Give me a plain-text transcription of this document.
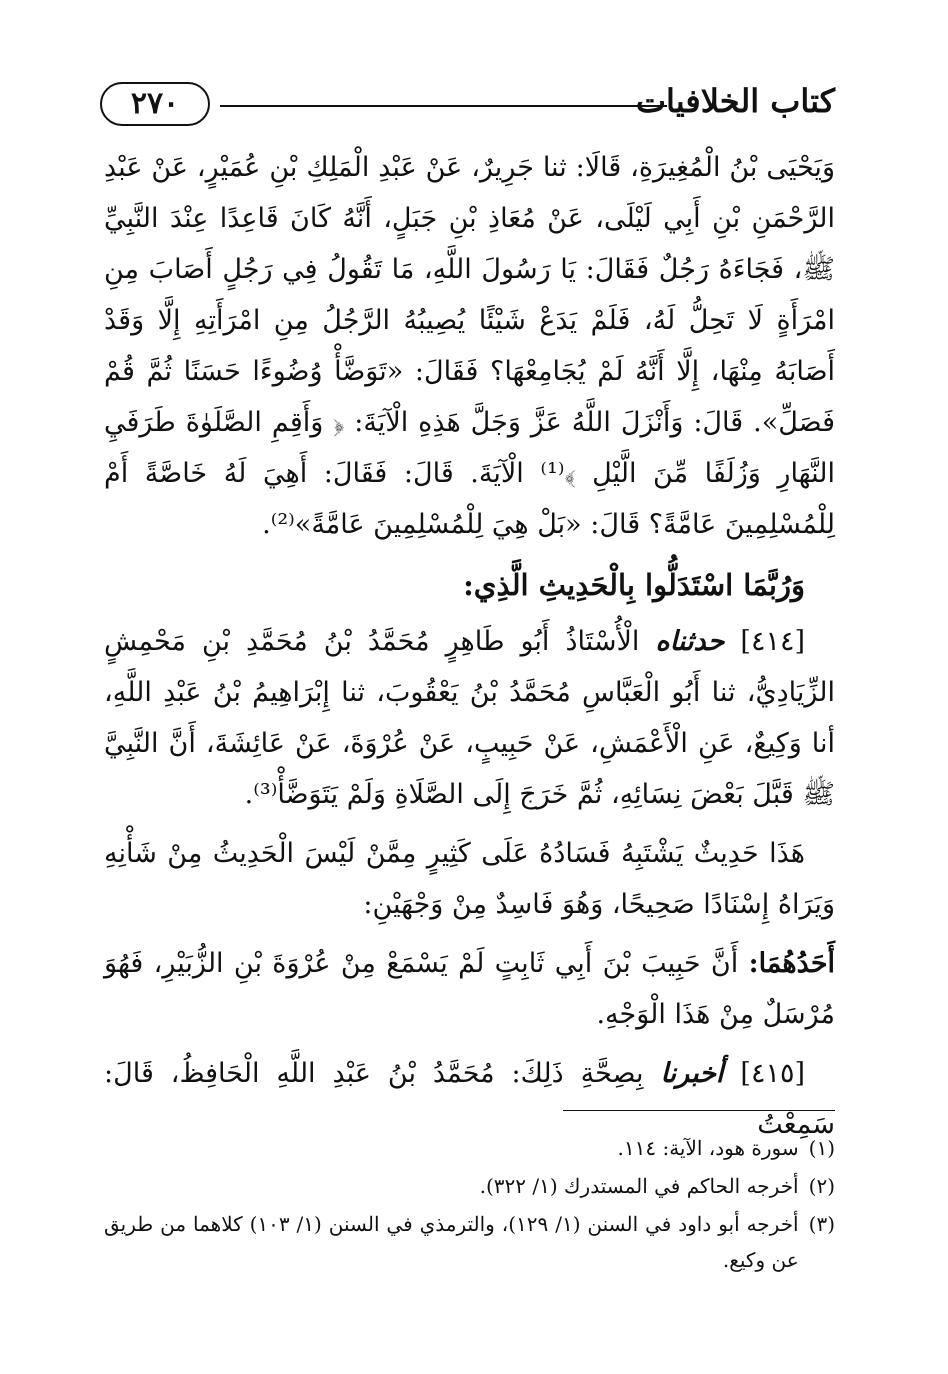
كتاب الخلافيات
٢٧٠

وَيَحْيَى بْنُ الْمُغِيرَةِ، قَالَا: ثنا جَرِيرٌ، عَنْ عَبْدِ الْمَلِكِ بْنِ عُمَيْرٍ، عَنْ عَبْدِ الرَّحْمَنِ بْنِ أَبِي لَيْلَى، عَنْ مُعَاذِ بْنِ جَبَلٍ، أَنَّهُ كَانَ قَاعِدًا عِنْدَ النَّبِيِّ ﷺ، فَجَاءَهُ رَجُلٌ فَقَالَ: يَا رَسُولَ اللَّهِ، مَا تَقُولُ فِي رَجُلٍ أَصَابَ مِنِ امْرَأَةٍ لَا تَحِلُّ لَهُ، فَلَمْ يَدَعْ شَيْئًا يُصِيبُهُ الرَّجُلُ مِنِ امْرَأَتِهِ إِلَّا وَقَدْ أَصَابَهُ مِنْهَا، إِلَّا أَنَّهُ لَمْ يُجَامِعْهَا؟ فَقَالَ: «تَوَضَّأْ وُضُوءًا حَسَنًا ثُمَّ قُمْ فَصَلِّ». قَالَ: وَأَنْزَلَ اللَّهُ عَزَّ وَجَلَّ هَذِهِ الْآيَةَ: ﴿ وَأَقِمِ الصَّلَوٰةَ طَرَفَيِ النَّهَارِ وَزُلَفًا مِّنَ الَّيْلِ ﴾⁽¹⁾ الْآيَةَ. قَالَ: فَقَالَ: أَهِيَ لَهُ خَاصَّةً أَمْ لِلْمُسْلِمِينَ عَامَّةً؟ قَالَ: «بَلْ هِيَ لِلْمُسْلِمِينَ عَامَّةً»⁽²⁾.

وَرُبَّمَا اسْتَدَلُّوا بِالْحَدِيثِ الَّذِي:

[٤١٤] حدثناه الْأُسْتَاذُ أَبُو طَاهِرٍ مُحَمَّدُ بْنُ مُحَمَّدِ بْنِ مَحْمِشٍ الزِّيَادِيُّ، ثنا أَبُو الْعَبَّاسِ مُحَمَّدُ بْنُ يَعْقُوبَ، ثنا إِبْرَاهِيمُ بْنُ عَبْدِ اللَّهِ، أنا وَكِيعٌ، عَنِ الْأَعْمَشِ، عَنْ حَبِيبٍ، عَنْ عُرْوَةَ، عَنْ عَائِشَةَ، أَنَّ النَّبِيَّ ﷺ قَبَّلَ بَعْضَ نِسَائِهِ، ثُمَّ خَرَجَ إِلَى الصَّلَاةِ وَلَمْ يَتَوَضَّأْ⁽³⁾.

هَذَا حَدِيثٌ يَشْتَبِهُ فَسَادُهُ عَلَى كَثِيرٍ مِمَّنْ لَيْسَ الْحَدِيثُ مِنْ شَأْنِهِ وَيَرَاهُ إِسْنَادًا صَحِيحًا، وَهُوَ فَاسِدٌ مِنْ وَجْهَيْنِ:

أَحَدُهُمَا: أَنَّ حَبِيبَ بْنَ أَبِي ثَابِتٍ لَمْ يَسْمَعْ مِنْ عُرْوَةَ بْنِ الزُّبَيْرِ، فَهُوَ مُرْسَلٌ مِنْ هَذَا الْوَجْهِ.

[٤١٥] أخبرنا بِصِحَّةِ ذَلِكَ: مُحَمَّدُ بْنُ عَبْدِ اللَّهِ الْحَافِظُ، قَالَ: سَمِعْتُ

(١)
سورة هود، الآية: ١١٤.
(٢)
أخرجه الحاكم في المستدرك (١/ ٣٢٢).
(٣)
أخرجه أبو داود في السنن (١/ ١٢٩)، والترمذي في السنن (١/ ١٠٣) كلاهما من طريق عن وكيع.
